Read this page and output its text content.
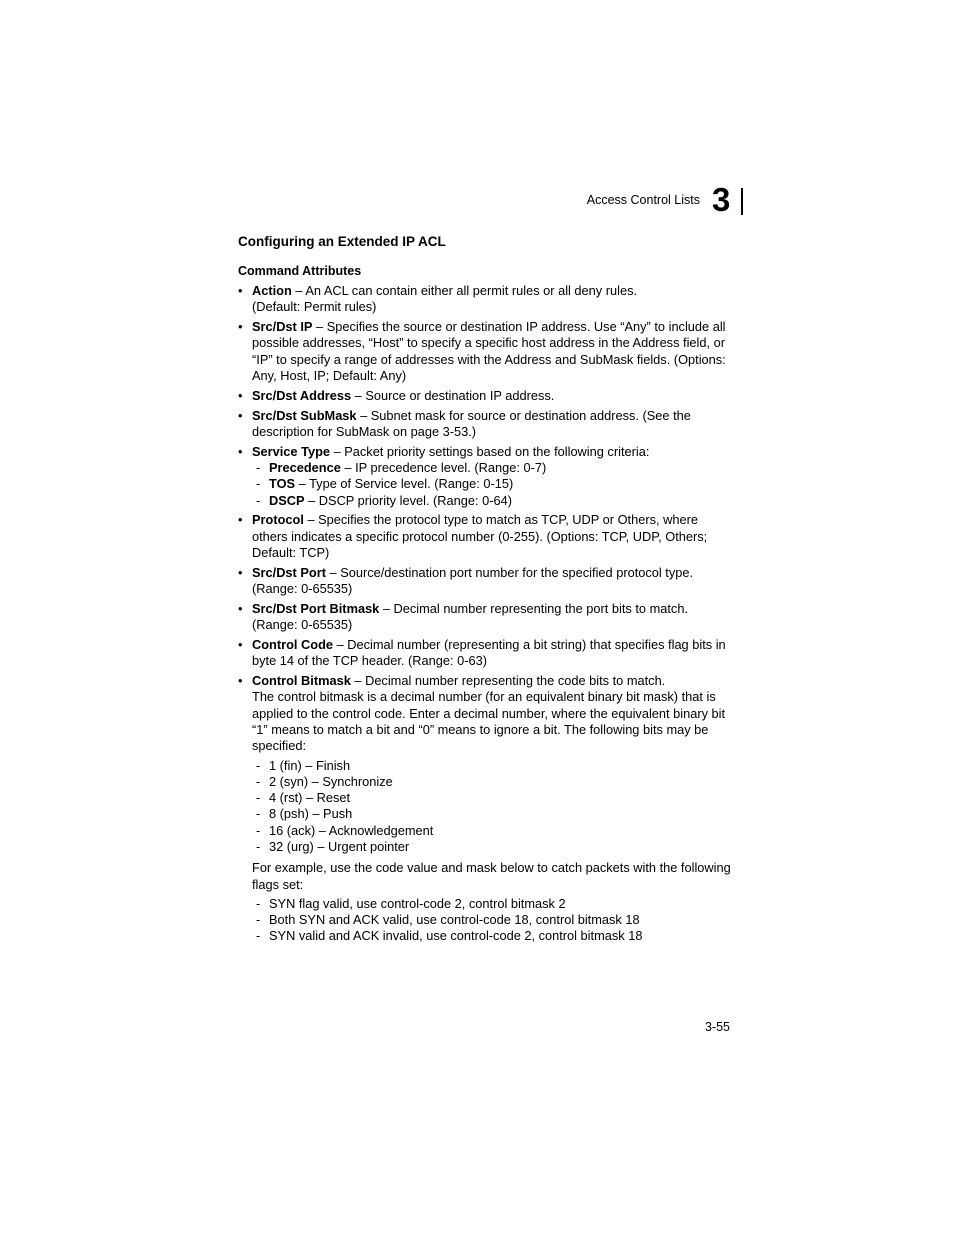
Access Control Lists 3
Configuring an Extended IP ACL
Command Attributes
• Action – An ACL can contain either all permit rules or all deny rules.
(Default: Permit rules)
• Src/Dst IP – Specifies the source or destination IP address. Use “Any” to include all possible addresses, “Host” to specify a specific host address in the Address field, or “IP” to specify a range of addresses with the Address and SubMask fields. (Options: Any, Host, IP; Default: Any)
• Src/Dst Address – Source or destination IP address.
• Src/Dst SubMask – Subnet mask for source or destination address. (See the description for SubMask on page 3-53.)
• Service Type – Packet priority settings based on the following criteria:
- Precedence – IP precedence level. (Range: 0-7)
- TOS – Type of Service level. (Range: 0-15)
- DSCP – DSCP priority level. (Range: 0-64)
• Protocol – Specifies the protocol type to match as TCP, UDP or Others, where others indicates a specific protocol number (0-255). (Options: TCP, UDP, Others; Default: TCP)
• Src/Dst Port – Source/destination port number for the specified protocol type. (Range: 0-65535)
• Src/Dst Port Bitmask – Decimal number representing the port bits to match. (Range: 0-65535)
• Control Code – Decimal number (representing a bit string) that specifies flag bits in byte 14 of the TCP header. (Range: 0-63)
• Control Bitmask – Decimal number representing the code bits to match.
The control bitmask is a decimal number (for an equivalent binary bit mask) that is applied to the control code. Enter a decimal number, where the equivalent binary bit “1” means to match a bit and “0” means to ignore a bit. The following bits may be specified:
- 1 (fin) – Finish
- 2 (syn) – Synchronize
- 4 (rst) – Reset
- 8 (psh) – Push
- 16 (ack) – Acknowledgement
- 32 (urg) – Urgent pointer
For example, use the code value and mask below to catch packets with the following flags set:
- SYN flag valid, use control-code 2, control bitmask 2
- Both SYN and ACK valid, use control-code 18, control bitmask 18
- SYN valid and ACK invalid, use control-code 2, control bitmask 18
3-55
